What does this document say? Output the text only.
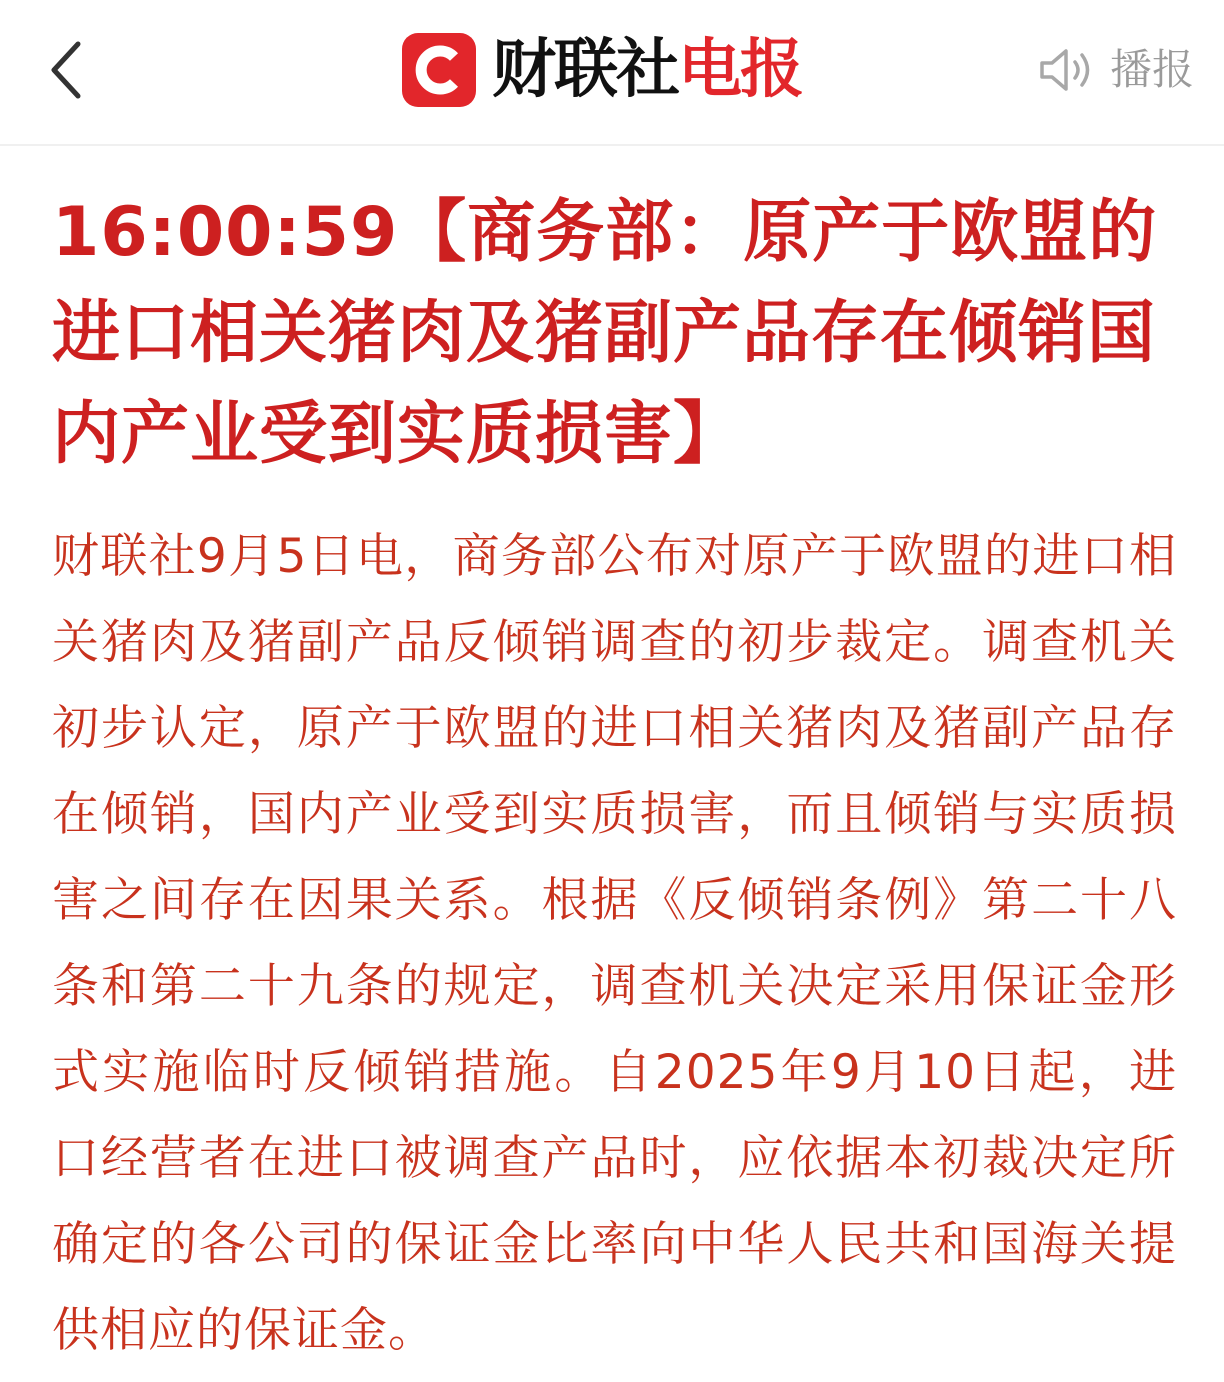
财联社 电报	播报
16:00:59【商务部：原产于欧盟的进口相关猪肉及猪副产品存在倾销国内产业受到实质损害】

财联社9月5日电，商务部公布对原产于欧盟的进口相关猪肉及猪副产品反倾销调查的初步裁定。调查机关初步认定，原产于欧盟的进口相关猪肉及猪副产品存在倾销，国内产业受到实质损害，而且倾销与实质损害之间存在因果关系。根据《反倾销条例》第二十八条和第二十九条的规定，调查机关决定采用保证金形式实施临时反倾销措施。自2025年9月10日起，进口经营者在进口被调查产品时，应依据本初裁决定所确定的各公司的保证金比率向中华人民共和国海关提供相应的保证金。
